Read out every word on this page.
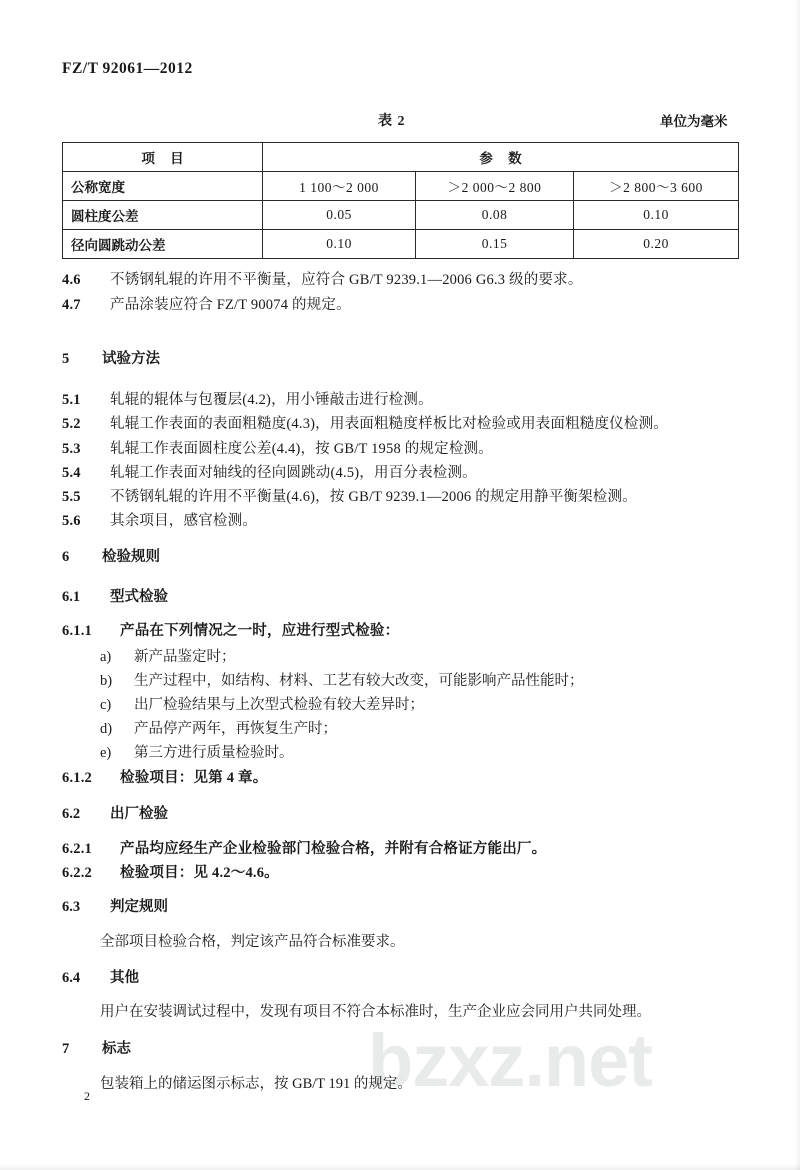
bzxz.net
FZ/T 92061—2012
表 2	单位为毫米
项 目	参 数		
公称宽度	1 100～2 000	＞2 000～2 800	＞2 800～3 600
圆柱度公差	0.05	0.08	0.10
径向圆跳动公差	0.10	0.15	0.20
4.6 不锈钢轧辊的许用不平衡量，应符合 GB/T 9239.1—2006 G6.3 级的要求。
4.7 产品涂装应符合 FZ/T 90074 的规定。
5 试验方法
5.1 轧辊的辊体与包覆层(4.2)，用小锤敲击进行检测。
5.2 轧辊工作表面的表面粗糙度(4.3)，用表面粗糙度样板比对检验或用表面粗糙度仪检测。
5.3 轧辊工作表面圆柱度公差(4.4)，按 GB/T 1958 的规定检测。
5.4 轧辊工作表面对轴线的径向圆跳动(4.5)，用百分表检测。
5.5 不锈钢轧辊的许用不平衡量(4.6)，按 GB/T 9239.1—2006 的规定用静平衡架检测。
5.6 其余项目，感官检测。
6 检验规则
6.1 型式检验
6.1.1 产品在下列情况之一时，应进行型式检验：
a) 新产品鉴定时；
b) 生产过程中，如结构、材料、工艺有较大改变，可能影响产品性能时；
c) 出厂检验结果与上次型式检验有较大差异时；
d) 产品停产两年，再恢复生产时；
e) 第三方进行质量检验时。
6.1.2 检验项目：见第 4 章。
6.2 出厂检验
6.2.1 产品均应经生产企业检验部门检验合格，并附有合格证方能出厂。
6.2.2 检验项目：见 4.2～4.6。
6.3 判定规则
全部项目检验合格，判定该产品符合标准要求。
6.4 其他
用户在安装调试过程中，发现有项目不符合本标准时，生产企业应会同用户共同处理。
7 标志
包装箱上的储运图示标志，按 GB/T 191 的规定。
2
